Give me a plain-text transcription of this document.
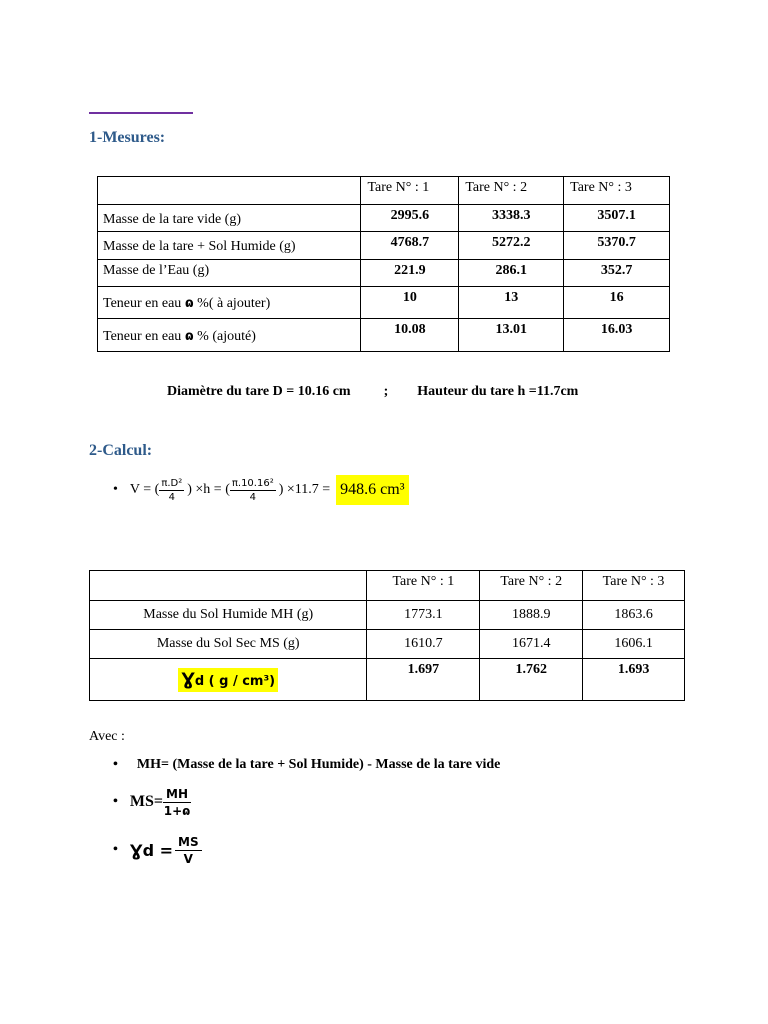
1-Mesures:
	Tare N° : 1	Tare N° : 2	Tare N° : 3
Masse de la tare vide (g)	2995.6	3338.3	3507.1
Masse de la tare + Sol Humide (g)	4768.7	5272.2	5370.7
Masse de l’Eau (g)	221.9	286.1	352.7
Teneur en eau ɷ %( à ajouter)	10	13	16
Teneur en eau ɷ % (ajouté)	10.08	13.01	16.03
Diamètre du tare D = 10.16 cm ; Hauteur du tare h =11.7cm
2-Calcul:
• V = ( $\frac{\text{π.D²}}{4}$ ) ×h = ( $\frac{\text{π.10.16²}}{4}$ ) ×11.7 = 948.6 cm³
	Tare N° : 1	Tare N° : 2	Tare N° : 3
Masse du Sol Humide MH (g)	1773.1	1888.9	1863.6
Masse du Sol Sec MS (g)	1610.7	1671.4	1606.1
Ɣd ( g / cm³)	1.697	1.762	1.693
Avec :
• MH= (Masse de la tare + Sol Humide) - Masse de la tare vide
• $MS= \frac{MH}{\text{1+ɷ}}$
• Ɣd = $\frac{MS}{V}$
